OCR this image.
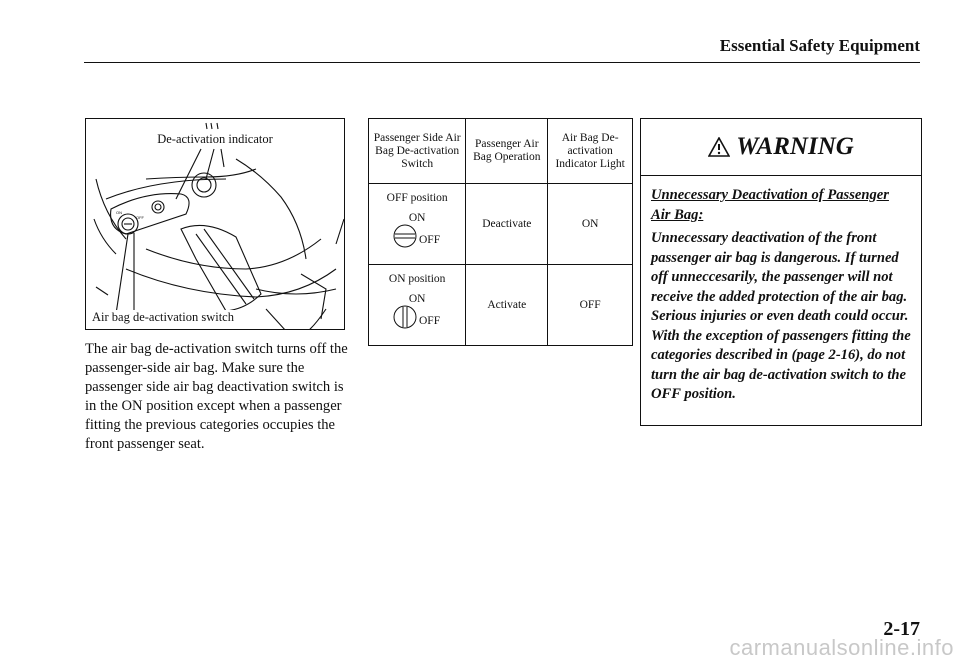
Essential Safety Equipment
ON
OFF
De-activation indicator
Air bag de-activation switch
The air bag de-activation switch turns off the passenger-side air bag. Make sure the passenger side air bag deactivation switch is in the ON position except when a passenger fitting the previous categories occupies the front passenger seat.
Passenger Side Air Bag De-activation Switch	Passenger Air Bag Operation	Air Bag De-activation Indicator Light

OFF position
ON
OFF	Deactivate	ON

ON position
ON
OFF	Activate	OFF
WARNING
Unnecessary Deactivation of Passenger Air Bag:
Unnecessary deactivation of the front passenger air bag is dangerous. If turned off unneccesarily, the passenger will not receive the added protection of the air bag. Serious injuries or even death could occur. With the exception of passengers fitting the categories described in (page 2-16), do not turn the air bag de-activation switch to the OFF position.
2-17
carmanualsonline.info
